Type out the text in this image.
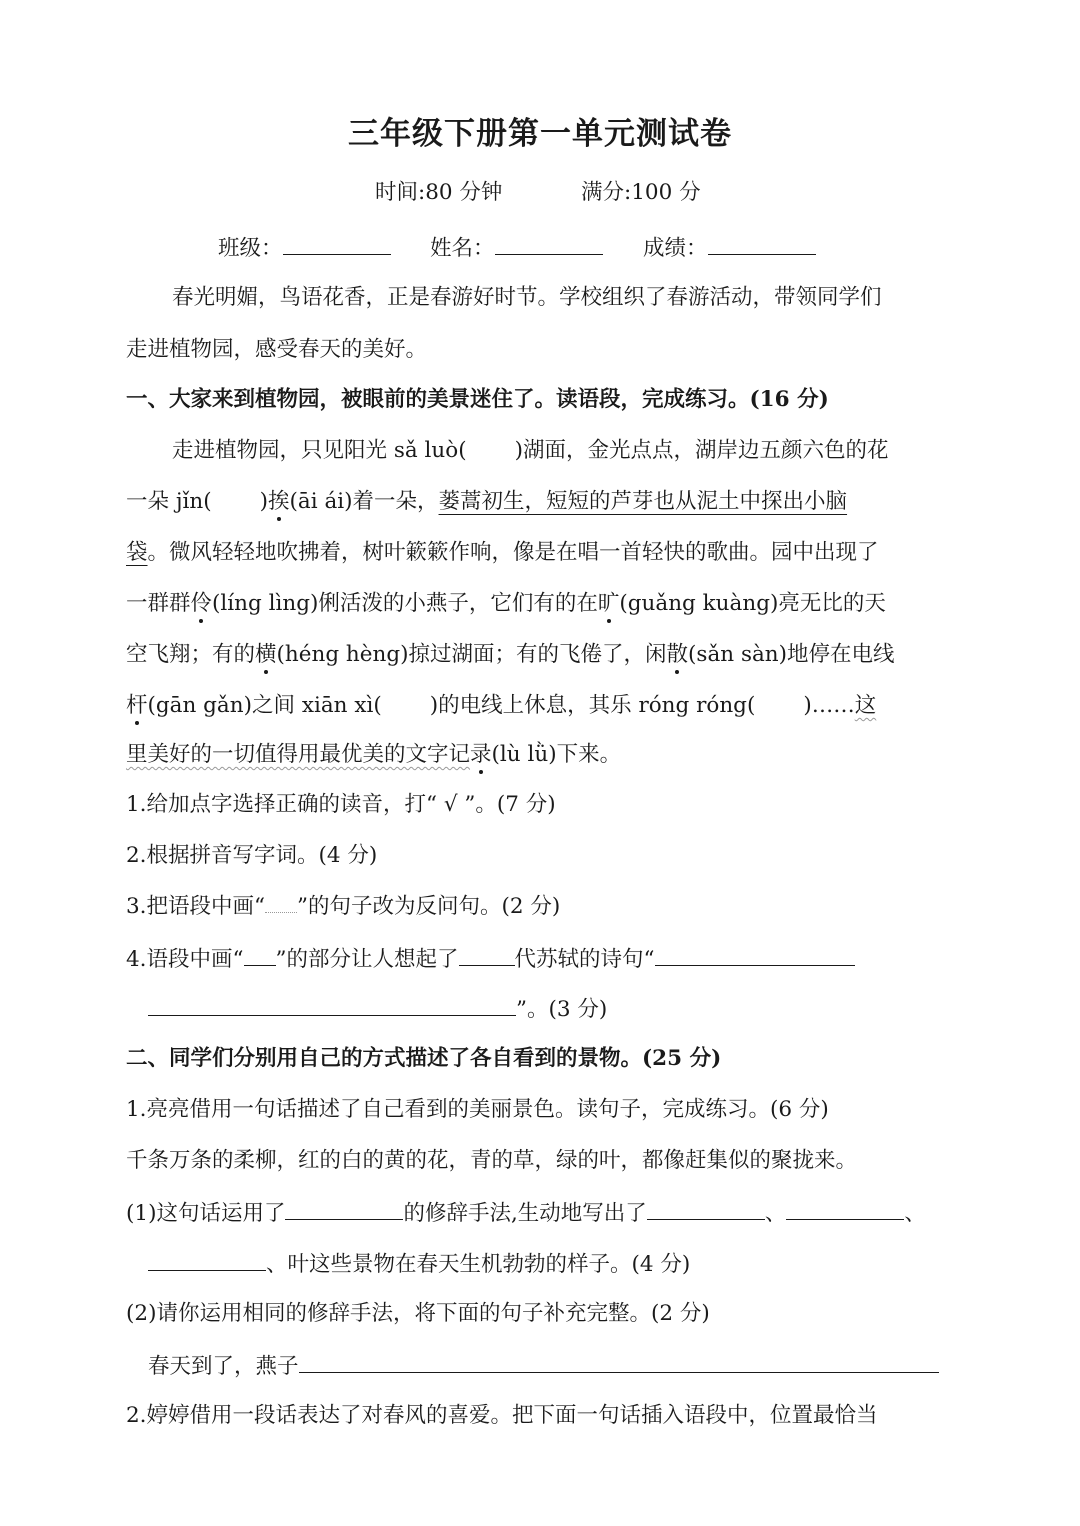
三年级下册第一单元测试卷
时间:80 分钟	满分:100 分
班级：	姓名：	成绩：
春光明媚，鸟语花香，正是春游好时节。学校组织了春游活动，带领同学们
走进植物园，感受春天的美好。
一、大家来到植物园，被眼前的美景迷住了。读语段，完成练习。(16 分)
走进植物园，只见阳光 sǎ luò( )湖面，金光点点，湖岸边五颜六色的花
一朵 jǐn( )挨(āi ái)着一朵，蒌蒿初生，短短的芦芽也从泥土中探出小脑
袋。微风轻轻地吹拂着，树叶簌簌作响，像是在唱一首轻快的歌曲。园中出现了
一群群伶(líng lìng)俐活泼的小燕子，它们有的在旷(guǎng kuàng)亮无比的天
空飞翔；有的横(héng hèng)掠过湖面；有的飞倦了，闲散(sǎn sàn)地停在电线
杆(gān gǎn)之间 xiān xì( )的电线上休息，其乐 róng róng( )……这
里美好的一切值得用最优美的文字记录(lù lǜ)下来。
1.给加点字选择正确的读音，打“ √ ”。(7 分)
2.根据拼音写字词。(4 分)
3.把语段中画“ ”的句子改为反问句。(2 分)
4.语段中画“ ”的部分让人想起了	代苏轼的诗句“
”。(3 分)
二、同学们分别用自己的方式描述了各自看到的景物。(25 分)
1.亮亮借用一句话描述了自己看到的美丽景色。读句子，完成练习。(6 分)
千条万条的柔柳，红的白的黄的花，青的草，绿的叶，都像赶集似的聚拢来。
(1)这句话运用了	的修辞手法,生动地写出了	、	、
、叶这些景物在春天生机勃勃的样子。(4 分)
(2)请你运用相同的修辞手法，将下面的句子补充完整。(2 分)
春天到了，燕子
2.婷婷借用一段话表达了对春风的喜爱。把下面一句话插入语段中，位置最恰当
